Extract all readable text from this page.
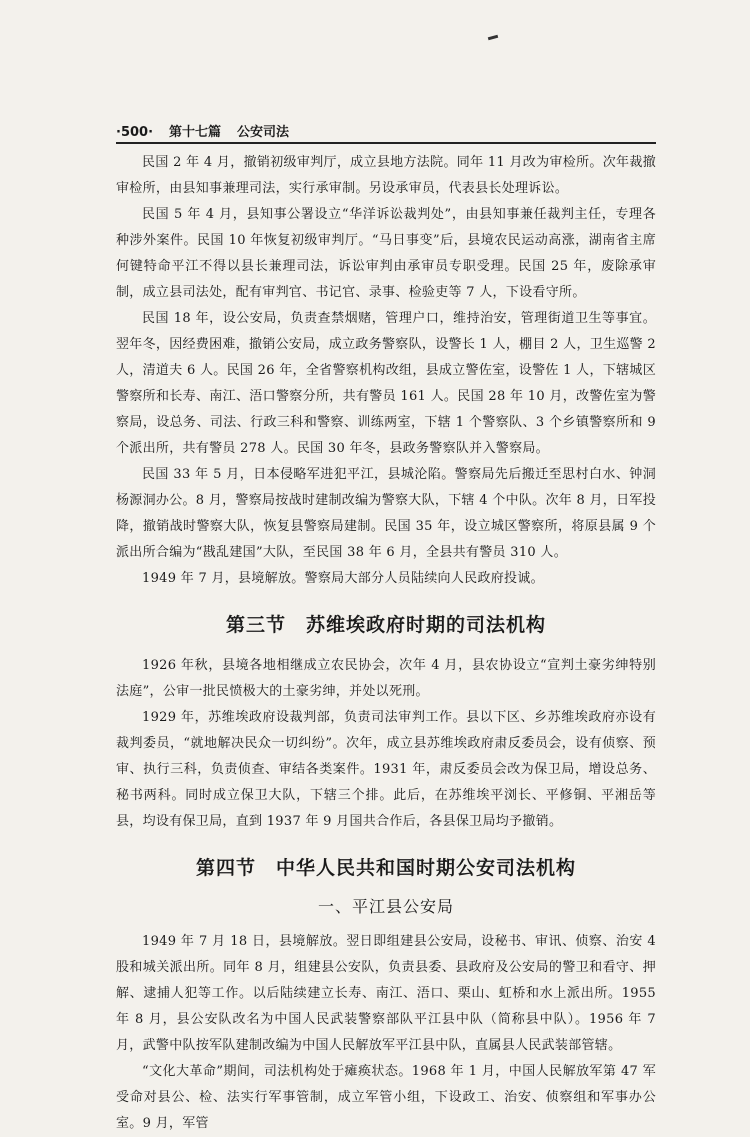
·500· 第十七篇 公安司法

民国 2 年 4 月，撤销初级审判厅，成立县地方法院。同年 11 月改为审检所。次年裁撤审检所，由县知事兼理司法，实行承审制。另设承审员，代表县长处理诉讼。

民国 5 年 4 月，县知事公署设立“华洋诉讼裁判处”，由县知事兼任裁判主任，专理各种涉外案件。民国 10 年恢复初级审判厅。“马日事变”后，县境农民运动高涨，湖南省主席何键特命平江不得以县长兼理司法，诉讼审判由承审员专职受理。民国 25 年，废除承审制，成立县司法处，配有审判官、书记官、录事、检验吏等 7 人，下设看守所。

民国 18 年，设公安局，负责查禁烟赌，管理户口，维持治安，管理街道卫生等事宜。翌年冬，因经费困难，撤销公安局，成立政务警察队，设警长 1 人，棚目 2 人，卫生巡警 2 人，清道夫 6 人。民国 26 年，全省警察机构改组，县成立警佐室，设警佐 1 人，下辖城区警察所和长寿、南江、浯口警察分所，共有警员 161 人。民国 28 年 10 月，改警佐室为警察局，设总务、司法、行政三科和警察、训练两室，下辖 1 个警察队、3 个乡镇警察所和 9 个派出所，共有警员 278 人。民国 30 年冬，县政务警察队并入警察局。

民国 33 年 5 月，日本侵略军进犯平江，县城沦陷。警察局先后搬迁至思村白水、钟洞杨源洞办公。8 月，警察局按战时建制改编为警察大队，下辖 4 个中队。次年 8 月，日军投降，撤销战时警察大队，恢复县警察局建制。民国 35 年，设立城区警察所，将原县属 9 个派出所合编为“戡乱建国”大队，至民国 38 年 6 月，全县共有警员 310 人。

1949 年 7 月，县境解放。警察局大部分人员陆续向人民政府投诚。

第三节　苏维埃政府时期的司法机构

1926 年秋，县境各地相继成立农民协会，次年 4 月，县农协设立“宣判土豪劣绅特别法庭”，公审一批民愤极大的土豪劣绅，并处以死刑。

1929 年，苏维埃政府设裁判部，负责司法审判工作。县以下区、乡苏维埃政府亦设有裁判委员，“就地解决民众一切纠纷”。次年，成立县苏维埃政府肃反委员会，设有侦察、预审、执行三科，负责侦查、审结各类案件。1931 年，肃反委员会改为保卫局，增设总务、秘书两科。同时成立保卫大队，下辖三个排。此后，在苏维埃平浏长、平修铜、平湘岳等县，均设有保卫局，直到 1937 年 9 月国共合作后，各县保卫局均予撤销。

第四节　中华人民共和国时期公安司法机构
一、平江县公安局

1949 年 7 月 18 日，县境解放。翌日即组建县公安局，设秘书、审讯、侦察、治安 4 股和城关派出所。同年 8 月，组建县公安队，负责县委、县政府及公安局的警卫和看守、押解、逮捕人犯等工作。以后陆续建立长寿、南江、浯口、栗山、虹桥和水上派出所。1955 年 8 月，县公安队改名为中国人民武装警察部队平江县中队（简称县中队）。1956 年 7 月，武警中队按军队建制改编为中国人民解放军平江县中队，直属县人民武装部管辖。

“文化大革命”期间，司法机构处于瘫痪状态。1968 年 1 月，中国人民解放军第 47 军受命对县公、检、法实行军事管制，成立军管小组，下设政工、治安、侦察组和军事办公室。9 月，军管
